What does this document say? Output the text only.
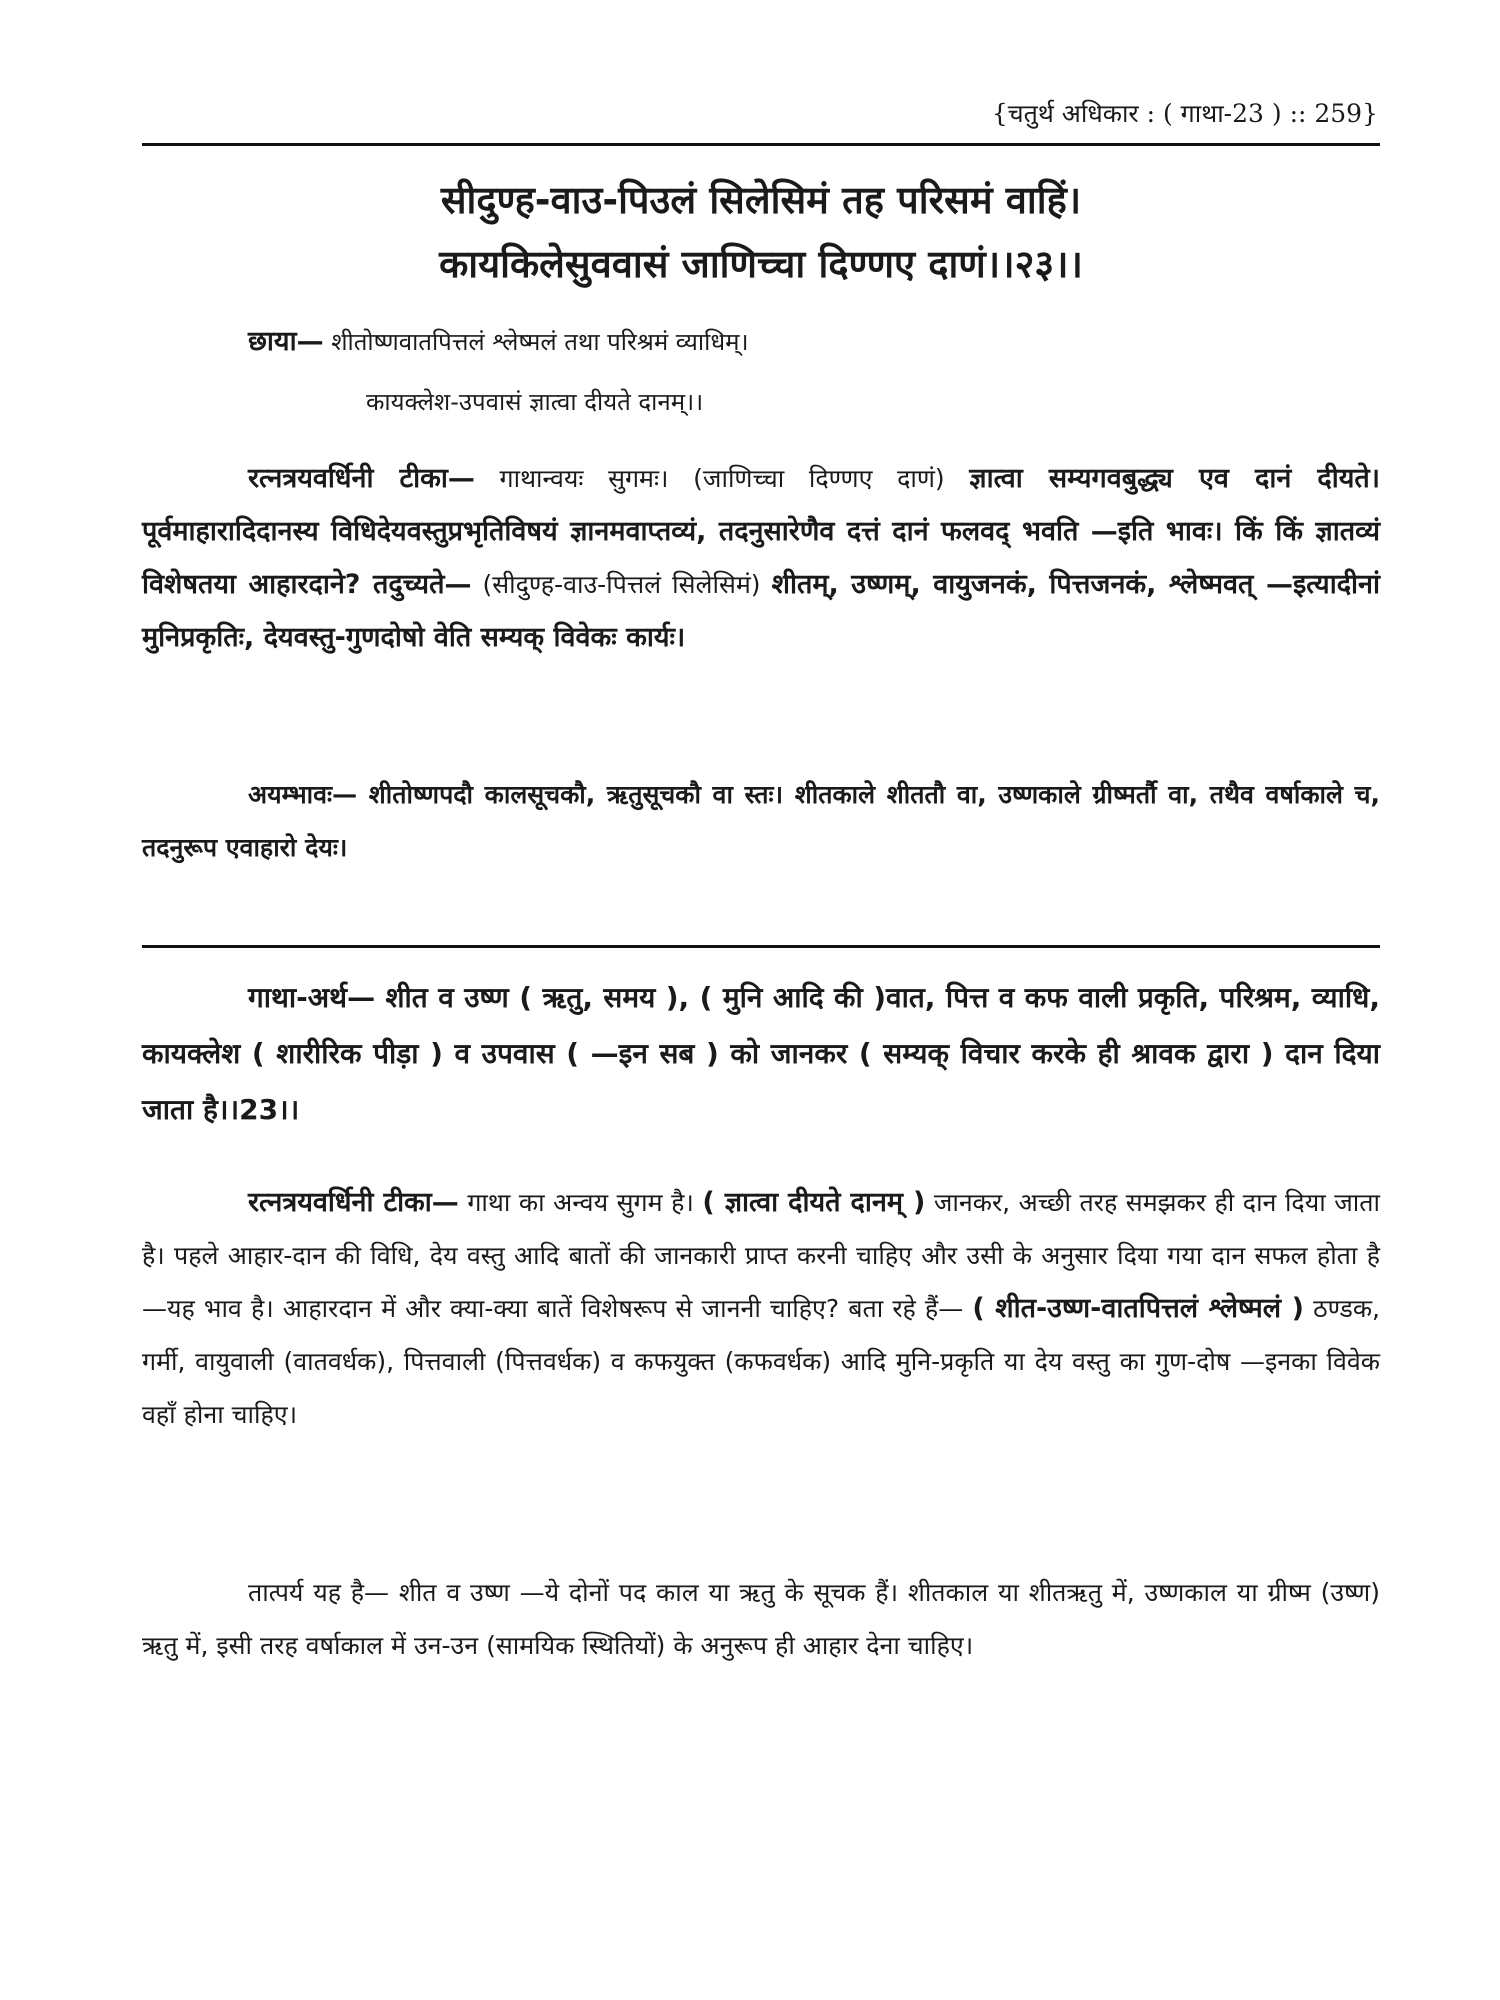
{चतुर्थ अधिकार : ( गाथा-23 ) :: 259}
सीदुण्ह-वाउ-पिउलं सिलेसिमं तह परिसमं वाहिं।
कायकिलेसुववासं जाणिच्चा दिण्णए दाणं।।२३।।
छाया— शीतोष्णवातपित्तलं श्लेष्मलं तथा परिश्रमं व्याधिम्।
कायक्लेश-उपवासं ज्ञात्वा दीयते दानम्।।
रत्नत्रयवर्धिनी टीका— गाथान्वयः सुगमः। (जाणिच्चा दिण्णए दाणं) ज्ञात्वा सम्यगवबुद्ध्य एव दानं दीयते। पूर्वमाहारादिदानस्य विधिदेयवस्तुप्रभृतिविषयं ज्ञानमवाप्तव्यं, तदनुसारेणैव दत्तं दानं फलवद् भवति —इति भावः। किं किं ज्ञातव्यं विशेषतया आहारदाने? तदुच्यते— (सीदुण्ह-वाउ-पित्तलं सिलेसिमं) शीतम्, उष्णम्, वायुजनकं, पित्तजनकं, श्लेष्मवत् —इत्यादीनां मुनिप्रकृतिः, देयवस्तु-गुणदोषो वेति सम्यक् विवेकः कार्यः।
अयम्भावः— शीतोष्णपदौ कालसूचकौ, ऋतुसूचकौ वा स्तः। शीतकाले शीततौ वा, उष्णकाले ग्रीष्मर्तौ वा, तथैव वर्षाकाले च, तदनुरूप एवाहारो देयः।
गाथा-अर्थ— शीत व उष्ण ( ऋतु, समय ), ( मुनि आदि की )वात, पित्त व कफ वाली प्रकृति, परिश्रम, व्याधि, कायक्लेश ( शारीरिक पीड़ा ) व उपवास ( —इन सब ) को जानकर ( सम्यक् विचार करके ही श्रावक द्वारा ) दान दिया जाता है।।23।।
रत्नत्रयवर्धिनी टीका— गाथा का अन्वय सुगम है। ( ज्ञात्वा दीयते दानम् ) जानकर, अच्छी तरह समझकर ही दान दिया जाता है। पहले आहार-दान की विधि, देय वस्तु आदि बातों की जानकारी प्राप्त करनी चाहिए और उसी के अनुसार दिया गया दान सफल होता है —यह भाव है। आहारदान में और क्या-क्या बातें विशेषरूप से जाननी चाहिए? बता रहे हैं— ( शीत-उष्ण-वातपित्तलं श्लेष्मलं ) ठण्डक, गर्मी, वायुवाली (वातवर्धक), पित्तवाली (पित्तवर्धक) व कफयुक्त (कफवर्धक) आदि मुनि-प्रकृति या देय वस्तु का गुण-दोष —इनका विवेक वहाँ होना चाहिए।
तात्पर्य यह है— शीत व उष्ण —ये दोनों पद काल या ऋतु के सूचक हैं। शीतकाल या शीतऋतु में, उष्णकाल या ग्रीष्म (उष्ण) ऋतु में, इसी तरह वर्षाकाल में उन-उन (सामयिक स्थितियों) के अनुरूप ही आहार देना चाहिए।
